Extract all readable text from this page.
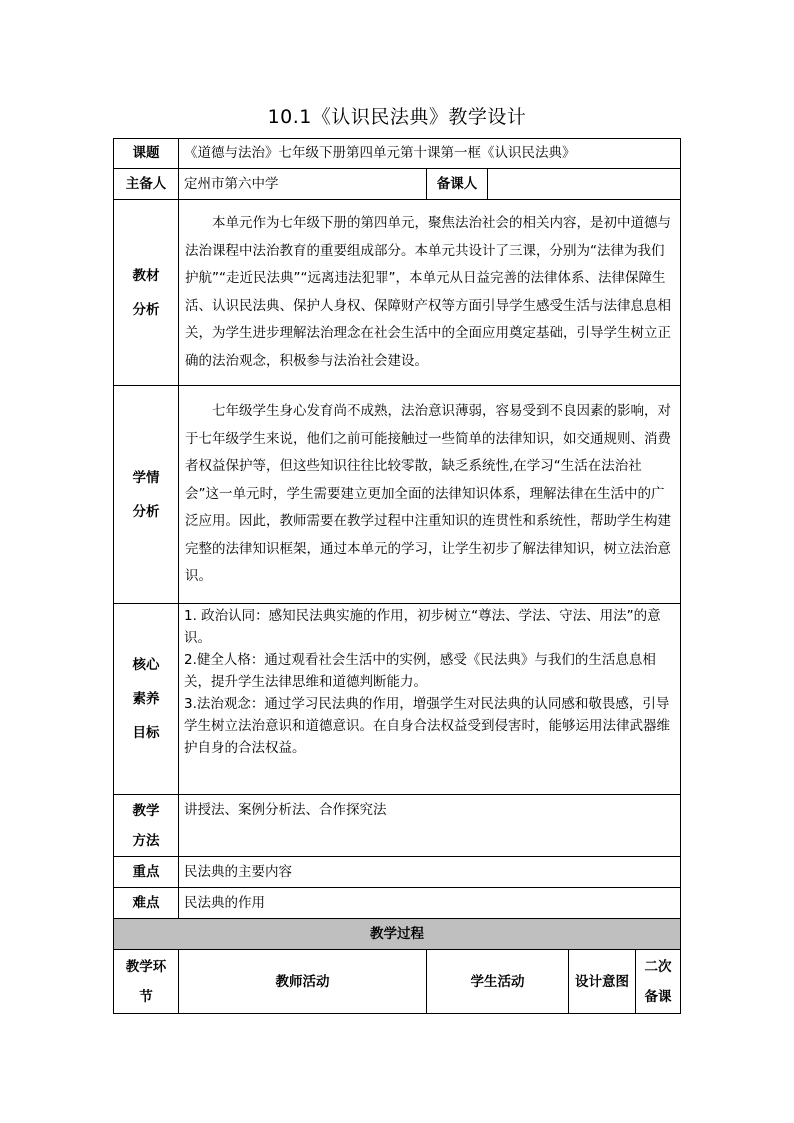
10.1《认识民法典》教学设计
课题	《道德与法治》七年级下册第四单元第十课第一框《认识民法典》				
主备人	定州市第六中学	备课人			

教材分析	本单元作为七年级下册的第四单元，聚焦法治社会的相关内容，是初中道德与法治课程中法治教育的重要组成部分。本单元共设计了三课，分别为“法律为我们护航”“走近民法典”“远离违法犯罪”，本单元从日益完善的法律体系、法律保障生活、认识民法典、保护人身权、保障财产权等方面引导学生感受生活与法律息息相关，为学生进步理解法治理念在社会生活中的全面应用奠定基础，引导学生树立正确的法治观念，积极参与法治社会建设。				

学情分析	七年级学生身心发育尚不成熟，法治意识薄弱，容易受到不良因素的影响，对于七年级学生来说，他们之前可能接触过一些简单的法律知识，如交通规则、消费者权益保护等，但这些知识往往比较零散，缺乏系统性,在学习“生活在法治社会”这一单元时，学生需要建立更加全面的法律知识体系，理解法律在生活中的广泛应用。因此，教师需要在教学过程中注重知识的连贯性和系统性，帮助学生构建完整的法律知识框架，通过本单元的学习，让学生初步了解法律知识，树立法治意识。				

核心素养目标	1. 政治认同：感知民法典实施的作用，初步树立“尊法、学法、守法、用法”的意识。
2.健全人格：通过观看社会生活中的实例，感受《民法典》与我们的生活息息相关，提升学生法律思维和道德判断能力。
3.法治观念：通过学习民法典的作用，增强学生对民法典的认同感和敬畏感，引导学生树立法治意识和道德意识。在自身合法权益受到侵害时，能够运用法律武器维护自身的合法权益。				

教学方法	讲授法、案例分析法、合作探究法				
重点	民法典的主要内容				
难点	民法典的作用				
教学过程					

教学环节	教师活动	学生活动		设计意图	二次备课
